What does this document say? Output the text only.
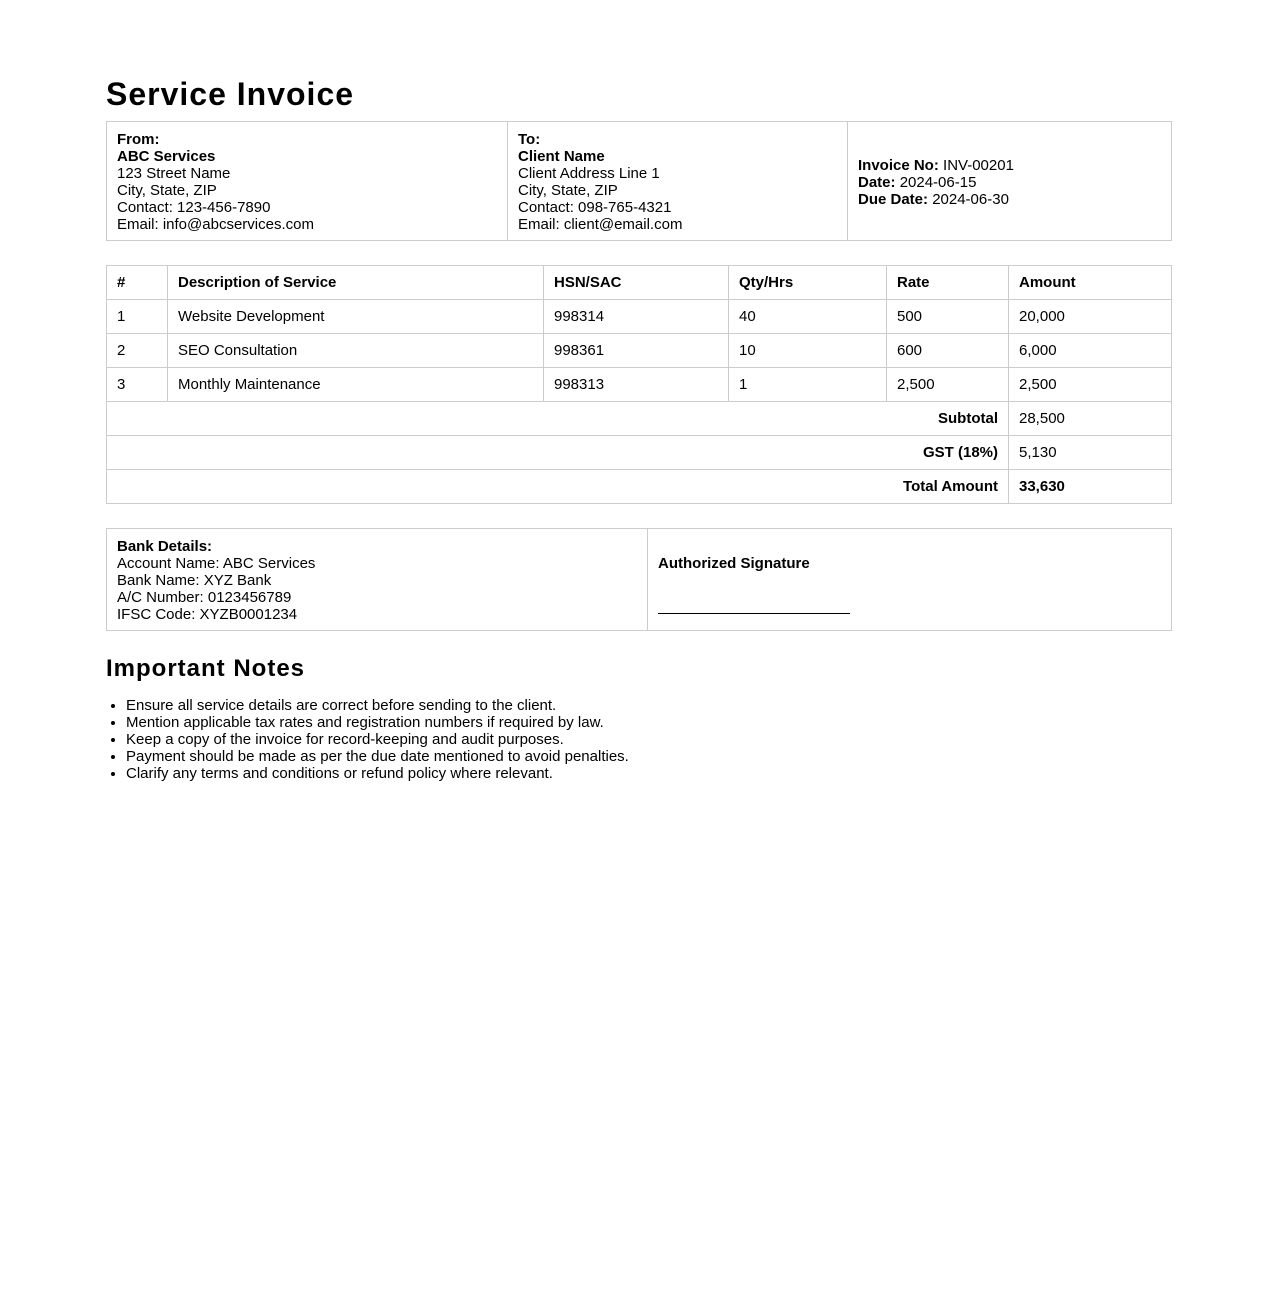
Service Invoice
From:
ABC Services
123 Street Name
City, State, ZIP
Contact: 123-456-7890
Email: info@abcservices.com

To:
Client Name
Client Address Line 1
City, State, ZIP
Contact: 098-765-4321
Email: client@email.com

Invoice No: INV-00201
Date: 2024-06-15
Due Date: 2024-06-30
#	Description of Service	HSN/SAC	Qty/Hrs	Rate	Amount
1	Website Development	998314	40	500	20,000
2	SEO Consultation	998361	10	600	6,000
3	Monthly Maintenance	998313	1	2,500	2,500
Subtotal					28,500
GST (18%)					5,130
Total Amount					33,630
Bank Details:
Account Name: ABC Services
Bank Name: XYZ Bank
A/C Number: 0123456789
IFSC Code: XYZB0001234

Authorized Signature
Important Notes
• Ensure all service details are correct before sending to the client.
• Mention applicable tax rates and registration numbers if required by law.
• Keep a copy of the invoice for record-keeping and audit purposes.
• Payment should be made as per the due date mentioned to avoid penalties.
• Clarify any terms and conditions or refund policy where relevant.
